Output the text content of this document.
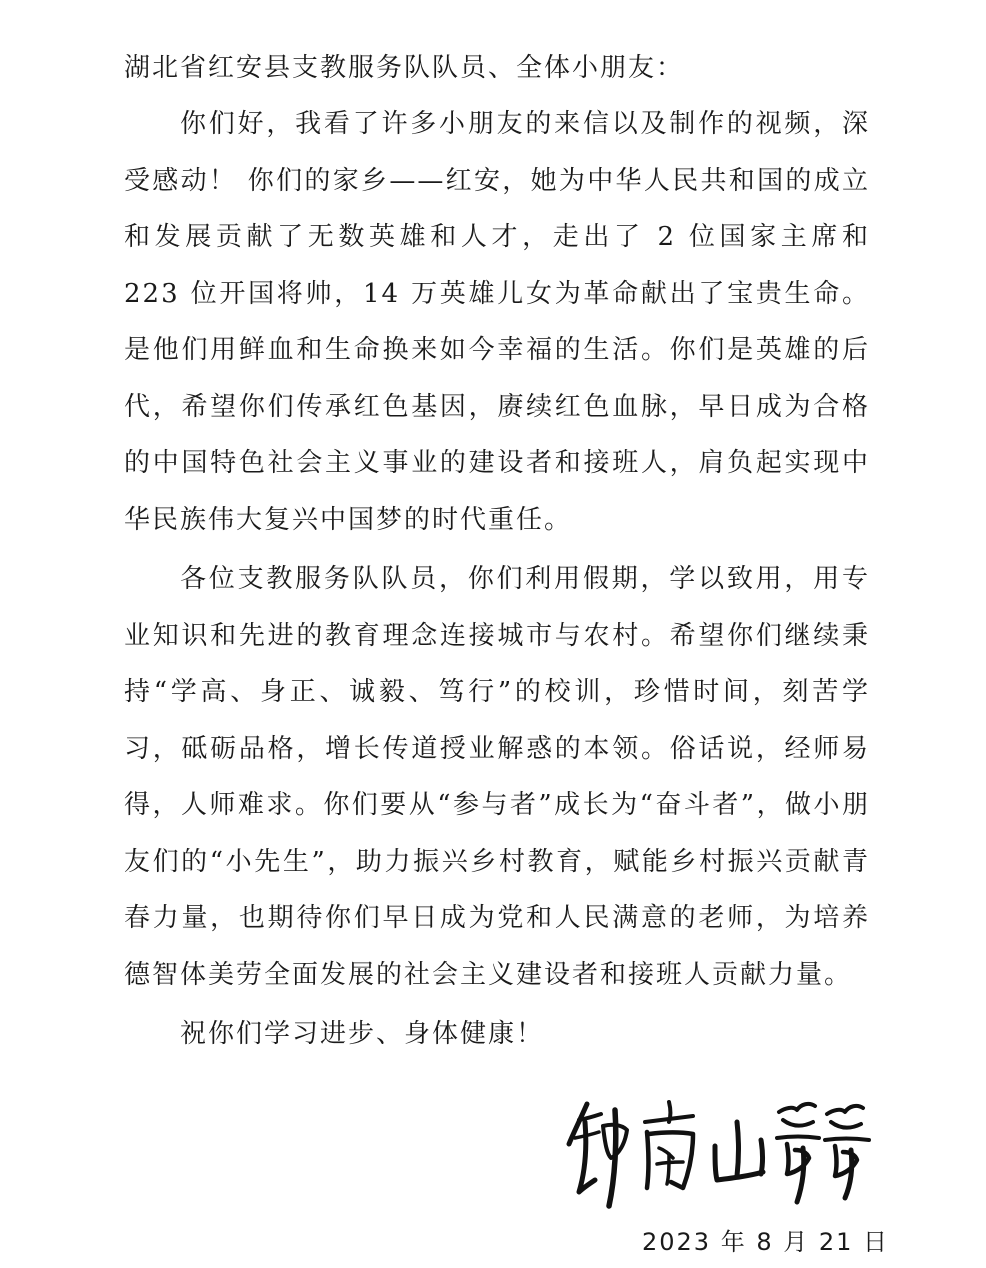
湖北省红安县支教服务队队员、全体小朋友：

你们好，我看了许多小朋友的来信以及制作的视频，深受感动！ 你们的家乡——红安，她为中华人民共和国的成立和发展贡献了无数英雄和人才，走出了 2 位国家主席和 223 位开国将帅，14 万英雄儿女为革命献出了宝贵生命。是他们用鲜血和生命换来如今幸福的生活。你们是英雄的后代，希望你们传承红色基因，赓续红色血脉，早日成为合格的中国特色社会主义事业的建设者和接班人，肩负起实现中华民族伟大复兴中国梦的时代重任。

各位支教服务队队员，你们利用假期，学以致用，用专业知识和先进的教育理念连接城市与农村。希望你们继续秉持“学高、身正、诚毅、笃行”的校训，珍惜时间，刻苦学习，砥砺品格，增长传道授业解惑的本领。俗话说，经师易得，人师难求。你们要从“参与者”成长为“奋斗者”，做小朋友们的“小先生”，助力振兴乡村教育，赋能乡村振兴贡献青春力量，也期待你们早日成为党和人民满意的老师，为培养德智体美劳全面发展的社会主义建设者和接班人贡献力量。

祝你们学习进步、身体健康！

2023 年 8 月 21 日
